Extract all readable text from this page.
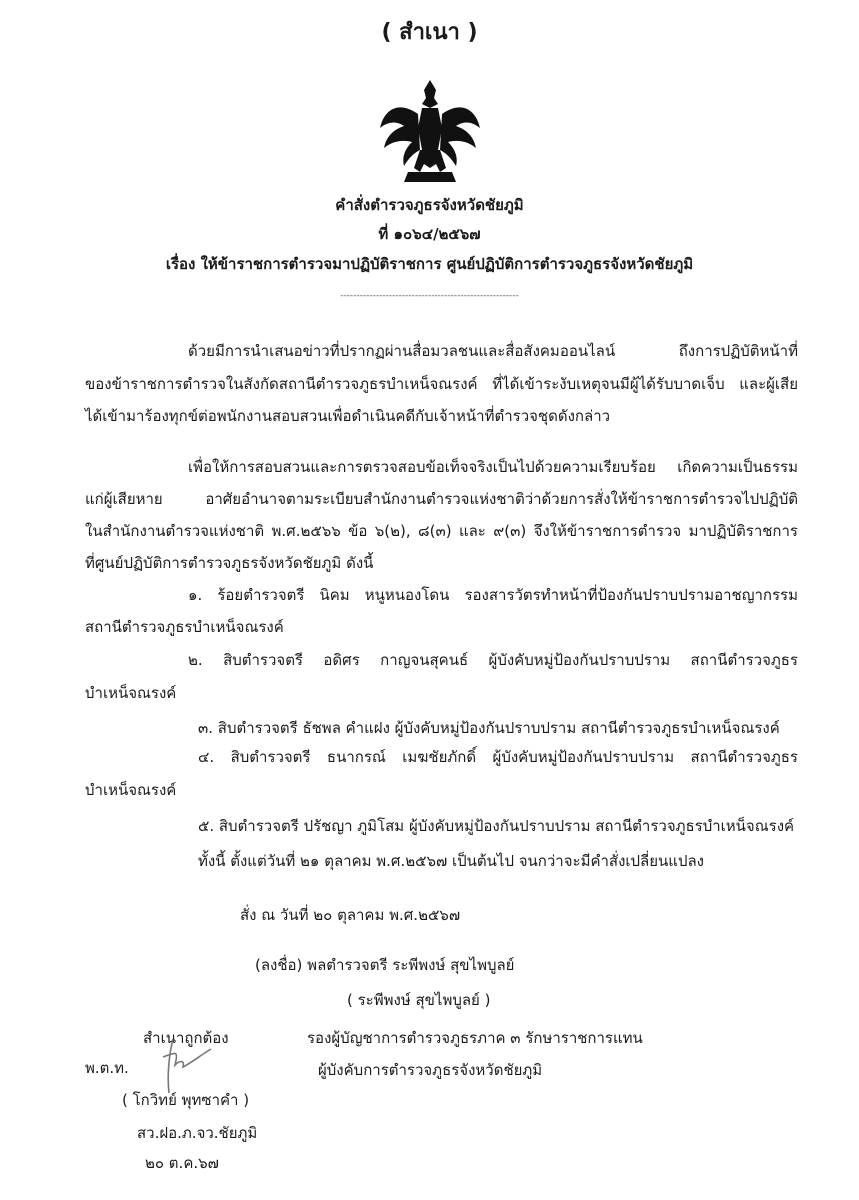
( สำเนา )
คำสั่งตำรวจภูธรจังหวัดชัยภูมิ
ที่ ๑๐๖๔/๒๕๖๗
เรื่อง ให้ข้าราชการตำรวจมาปฏิบัติราชการ ศูนย์ปฏิบัติการตำรวจภูธรจังหวัดชัยภูมิ
-------------------------------------------------------
ด้วยมีการนำเสนอข่าวที่ปรากฏผ่านสื่อมวลชนและสื่อสังคมออนไลน์ ถึงการปฏิบัติหน้าที่
ของข้าราชการตำรวจในสังกัดสถานีตำรวจภูธรบำเหน็จณรงค์ ที่ได้เข้าระงับเหตุจนมีผู้ได้รับบาดเจ็บ และผู้เสีย
ได้เข้ามาร้องทุกข์ต่อพนักงานสอบสวนเพื่อดำเนินคดีกับเจ้าหน้าที่ตำรวจชุดดังกล่าว
เพื่อให้การสอบสวนและการตรวจสอบข้อเท็จจริงเป็นไปด้วยความเรียบร้อย เกิดความเป็นธรรม
แก่ผู้เสียหาย อาศัยอำนาจตามระเบียบสำนักงานตำรวจแห่งชาติว่าด้วยการสั่งให้ข้าราชการตำรวจไปปฏิบัติ
ในสำนักงานตำรวจแห่งชาติ พ.ศ.๒๕๖๖ ข้อ ๖(๒), ๘(๓) และ ๙(๓) จึงให้ข้าราชการตำรวจ มาปฏิบัติราชการ
ที่ศูนย์ปฏิบัติการตำรวจภูธรจังหวัดชัยภูมิ ดังนี้
๑. ร้อยตำรวจตรี นิคม หนูหนองโดน รองสารวัตรทำหน้าที่ป้องกันปราบปรามอาชญากรรม
สถานีตำรวจภูธรบำเหน็จณรงค์
๒. สิบตำรวจตรี อดิศร กาญจนสุคนธ์ ผู้บังคับหมู่ป้องกันปราบปราม สถานีตำรวจภูธร
บำเหน็จณรงค์
๓. สิบตำรวจตรี ธัชพล คำแฝง ผู้บังคับหมู่ป้องกันปราบปราม สถานีตำรวจภูธรบำเหน็จณรงค์
๔. สิบตำรวจตรี ธนากรณ์ เมฆชัยภักดิ์ ผู้บังคับหมู่ป้องกันปราบปราม สถานีตำรวจภูธร
บำเหน็จณรงค์
๕. สิบตำรวจตรี ปรัชญา ภูมิโสม ผู้บังคับหมู่ป้องกันปราบปราม สถานีตำรวจภูธรบำเหน็จณรงค์
ทั้งนี้ ตั้งแต่วันที่ ๒๑ ตุลาคม พ.ศ.๒๕๖๗ เป็นต้นไป จนกว่าจะมีคำสั่งเปลี่ยนแปลง
สั่ง ณ วันที่ ๒๐ ตุลาคม พ.ศ.๒๕๖๗
(ลงชื่อ) พลตำรวจตรี ระพีพงษ์ สุขไพบูลย์
( ระพีพงษ์ สุขไพบูลย์ )
รองผู้บัญชาการตำรวจภูธรภาค ๓ รักษาราชการแทน
ผู้บังคับการตำรวจภูธรจังหวัดชัยภูมิ
สำเนาถูกต้อง
พ.ต.ท.
( โกวิทย์ พุทซาคำ )
สว.ฝอ.ภ.จว.ชัยภูมิ
๒๐ ต.ค.๖๗
